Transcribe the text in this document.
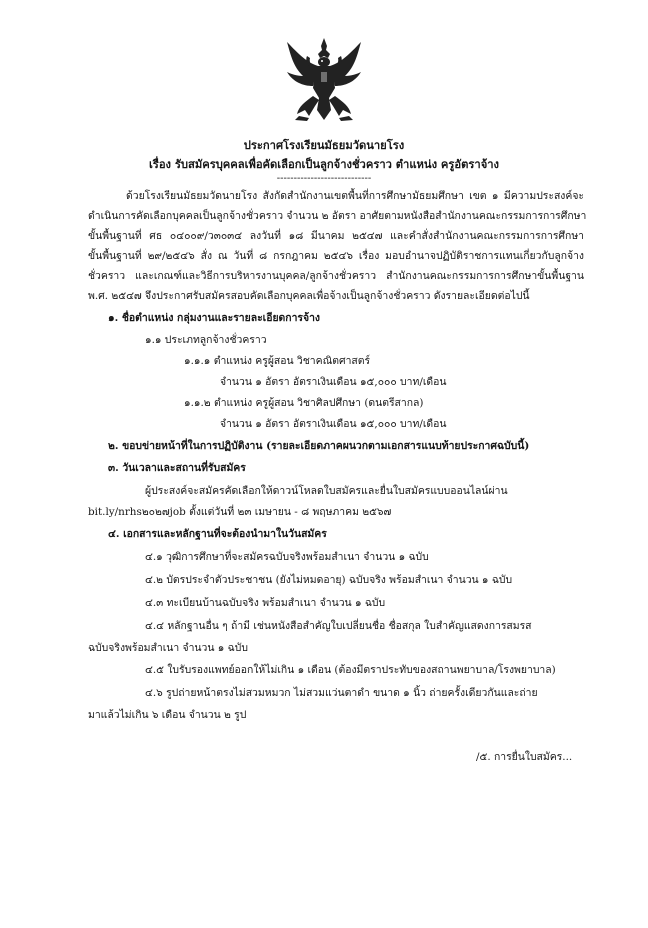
ประกาศโรงเรียนมัธยมวัดนายโรง
เรื่อง รับสมัครบุคคลเพื่อคัดเลือกเป็นลูกจ้างชั่วคราว ตำแหน่ง ครูอัตราจ้าง
----------------------------
ด้วยโรงเรียนมัธยมวัดนายโรง สังกัดสำนักงานเขตพื้นที่การศึกษามัธยมศึกษา เขต ๑ มีความประสงค์จะ
ดำเนินการคัดเลือกบุคคลเป็นลูกจ้างชั่วคราว จำนวน ๒ อัตรา อาศัยตามหนังสือสำนักงานคณะกรรมการการศึกษา
ขั้นพื้นฐานที่ ศธ ๐๔๐๐๙/ว๓๐๓๔ ลงวันที่ ๑๘ มีนาคม ๒๕๔๗ และคำสั่งสำนักงานคณะกรรมการการศึกษา
ขั้นพื้นฐานที่ ๒๙/๒๕๔๖ สั่ง ณ วันที่ ๘ กรกฎาคม ๒๕๔๖ เรื่อง มอบอำนาจปฏิบัติราชการแทนเกี่ยวกับลูกจ้าง
ชั่วคราว และเกณฑ์และวิธีการบริหารงานบุคคล/ลูกจ้างชั่วคราว สำนักงานคณะกรรมการการศึกษาขั้นพื้นฐาน
พ.ศ. ๒๕๔๗ จึงประกาศรับสมัครสอบคัดเลือกบุคคลเพื่อจ้างเป็นลูกจ้างชั่วคราว ดังรายละเอียดต่อไปนี้
๑. ชื่อตำแหน่ง กลุ่มงานและรายละเอียดการจ้าง
๑.๑ ประเภทลูกจ้างชั่วคราว
๑.๑.๑ ตำแหน่ง ครูผู้สอน วิชาคณิตศาสตร์
จำนวน ๑ อัตรา อัตราเงินเดือน ๑๕,๐๐๐ บาท/เดือน
๑.๑.๒ ตำแหน่ง ครูผู้สอน วิชาศิลปศึกษา (ดนตรีสากล)
จำนวน ๑ อัตรา อัตราเงินเดือน ๑๕,๐๐๐ บาท/เดือน
๒. ขอบข่ายหน้าที่ในการปฏิบัติงาน (รายละเอียดภาคผนวกตามเอกสารแนบท้ายประกาศฉบับนี้)
๓. วันเวลาและสถานที่รับสมัคร
ผู้ประสงค์จะสมัครคัดเลือกให้ดาวน์โหลดใบสมัครและยื่นใบสมัครแบบออนไลน์ผ่าน
bit.ly/nrhs๒๐๒๗job ตั้งแต่วันที่ ๒๓ เมษายน - ๘ พฤษภาคม ๒๕๖๗
๔. เอกสารและหลักฐานที่จะต้องนำมาในวันสมัคร
๔.๑ วุฒิการศึกษาที่จะสมัครฉบับจริงพร้อมสำเนา จำนวน ๑ ฉบับ
๔.๒ บัตรประจำตัวประชาชน (ยังไม่หมดอายุ) ฉบับจริง พร้อมสำเนา จำนวน ๑ ฉบับ
๔.๓ ทะเบียนบ้านฉบับจริง พร้อมสำเนา จำนวน ๑ ฉบับ
๔.๔ หลักฐานอื่น ๆ ถ้ามี เช่นหนังสือสำคัญใบเปลี่ยนชื่อ ชื่อสกุล ใบสำคัญแสดงการสมรส
ฉบับจริงพร้อมสำเนา จำนวน ๑ ฉบับ
๔.๕ ใบรับรองแพทย์ออกให้ไม่เกิน ๑ เดือน (ต้องมีตราประทับของสถานพยาบาล/โรงพยาบาล)
๔.๖ รูปถ่ายหน้าตรงไม่สวมหมวก ไม่สวมแว่นตาดำ ขนาด ๑ นิ้ว ถ่ายครั้งเดียวกันและถ่าย
มาแล้วไม่เกิน ๖ เดือน จำนวน ๒ รูป
/๕. การยื่นใบสมัคร...
